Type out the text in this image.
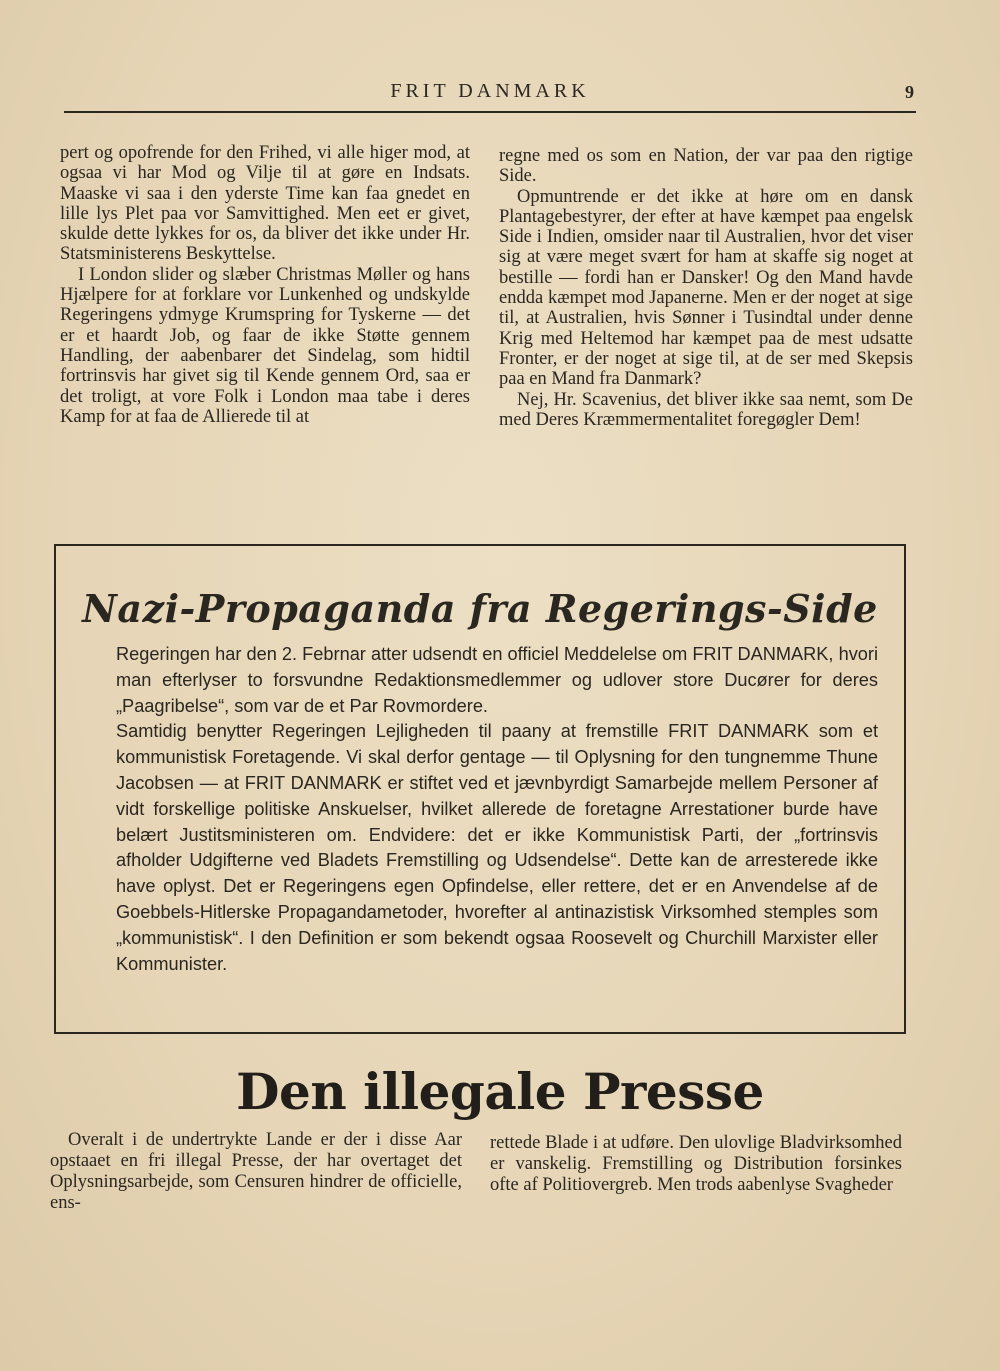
FRIT DANMARK	9

pert og opofrende for den Frihed, vi alle higer mod, at ogsaa vi har Mod og Vilje til at gøre en Indsats. Maaske vi saa i den yderste Time kan faa gnedet en lille lys Plet paa vor Samvittighed. Men eet er givet, skulde dette lykkes for os, da bliver det ikke under Hr. Statsministerens Beskyttelse.

I London slider og slæber Christmas Møller og hans Hjælpere for at forklare vor Lunkenhed og undskylde Regeringens ydmyge Krumspring for Tyskerne — det er et haardt Job, og faar de ikke Støtte gennem Handling, der aabenbarer det Sindelag, som hidtil fortrinsvis har givet sig til Kende gennem Ord, saa er det troligt, at vore Folk i London maa tabe i deres Kamp for at faa de Allierede til at

regne med os som en Nation, der var paa den rigtige Side.

Opmuntrende er det ikke at høre om en dansk Plantagebestyrer, der efter at have kæmpet paa engelsk Side i Indien, omsider naar til Australien, hvor det viser sig at være meget svært for ham at skaffe sig noget at bestille — fordi han er Dansker! Og den Mand havde endda kæmpet mod Japanerne. Men er der noget at sige til, at Australien, hvis Sønner i Tusindtal under denne Krig med Heltemod har kæmpet paa de mest udsatte Fronter, er der noget at sige til, at de ser med Skepsis paa en Mand fra Danmark?

Nej, Hr. Scavenius, det bliver ikke saa nemt, som De med Deres Kræmmermentalitet foregøgler Dem!

Nazi-Propaganda fra Regerings-Side

Regeringen har den 2. Febrnar atter udsendt en officiel Meddelelse om FRIT DANMARK, hvori man efterlyser to forsvundne Redaktionsmedlemmer og udlover store Ducører for deres „Paagribelse“, som var de et Par Rovmordere.

Samtidig benytter Regeringen Lejligheden til paany at fremstille FRIT DANMARK som et kommunistisk Foretagende. Vi skal derfor gentage — til Oplysning for den tungnemme Thune Jacobsen — at FRIT DANMARK er stiftet ved et jævnbyrdigt Samarbejde mellem Personer af vidt forskellige politiske Anskuelser, hvilket allerede de foretagne Arrestationer burde have belært Justitsministeren om. Endvidere: det er ikke Kommunistisk Parti, der „fortrinsvis afholder Udgifterne ved Bladets Fremstilling og Udsendelse“. Dette kan de arresterede ikke have oplyst. Det er Regeringens egen Opfindelse, eller rettere, det er en Anvendelse af de Goebbels-Hitlerske Propagandametoder, hvorefter al antinazistisk Virksomhed stemples som „kommunistisk“. I den Definition er som bekendt ogsaa Roosevelt og Churchill Marxister eller Kommunister.

Den illegale Presse

Overalt i de undertrykte Lande er der i disse Aar opstaaet en fri illegal Presse, der har overtaget det Oplysningsarbejde, som Censuren hindrer de officielle, ens-

rettede Blade i at udføre. Den ulovlige Bladvirksomhed er vanskelig. Fremstilling og Distribution forsinkes ofte af Politiovergreb. Men trods aabenlyse Svagheder
